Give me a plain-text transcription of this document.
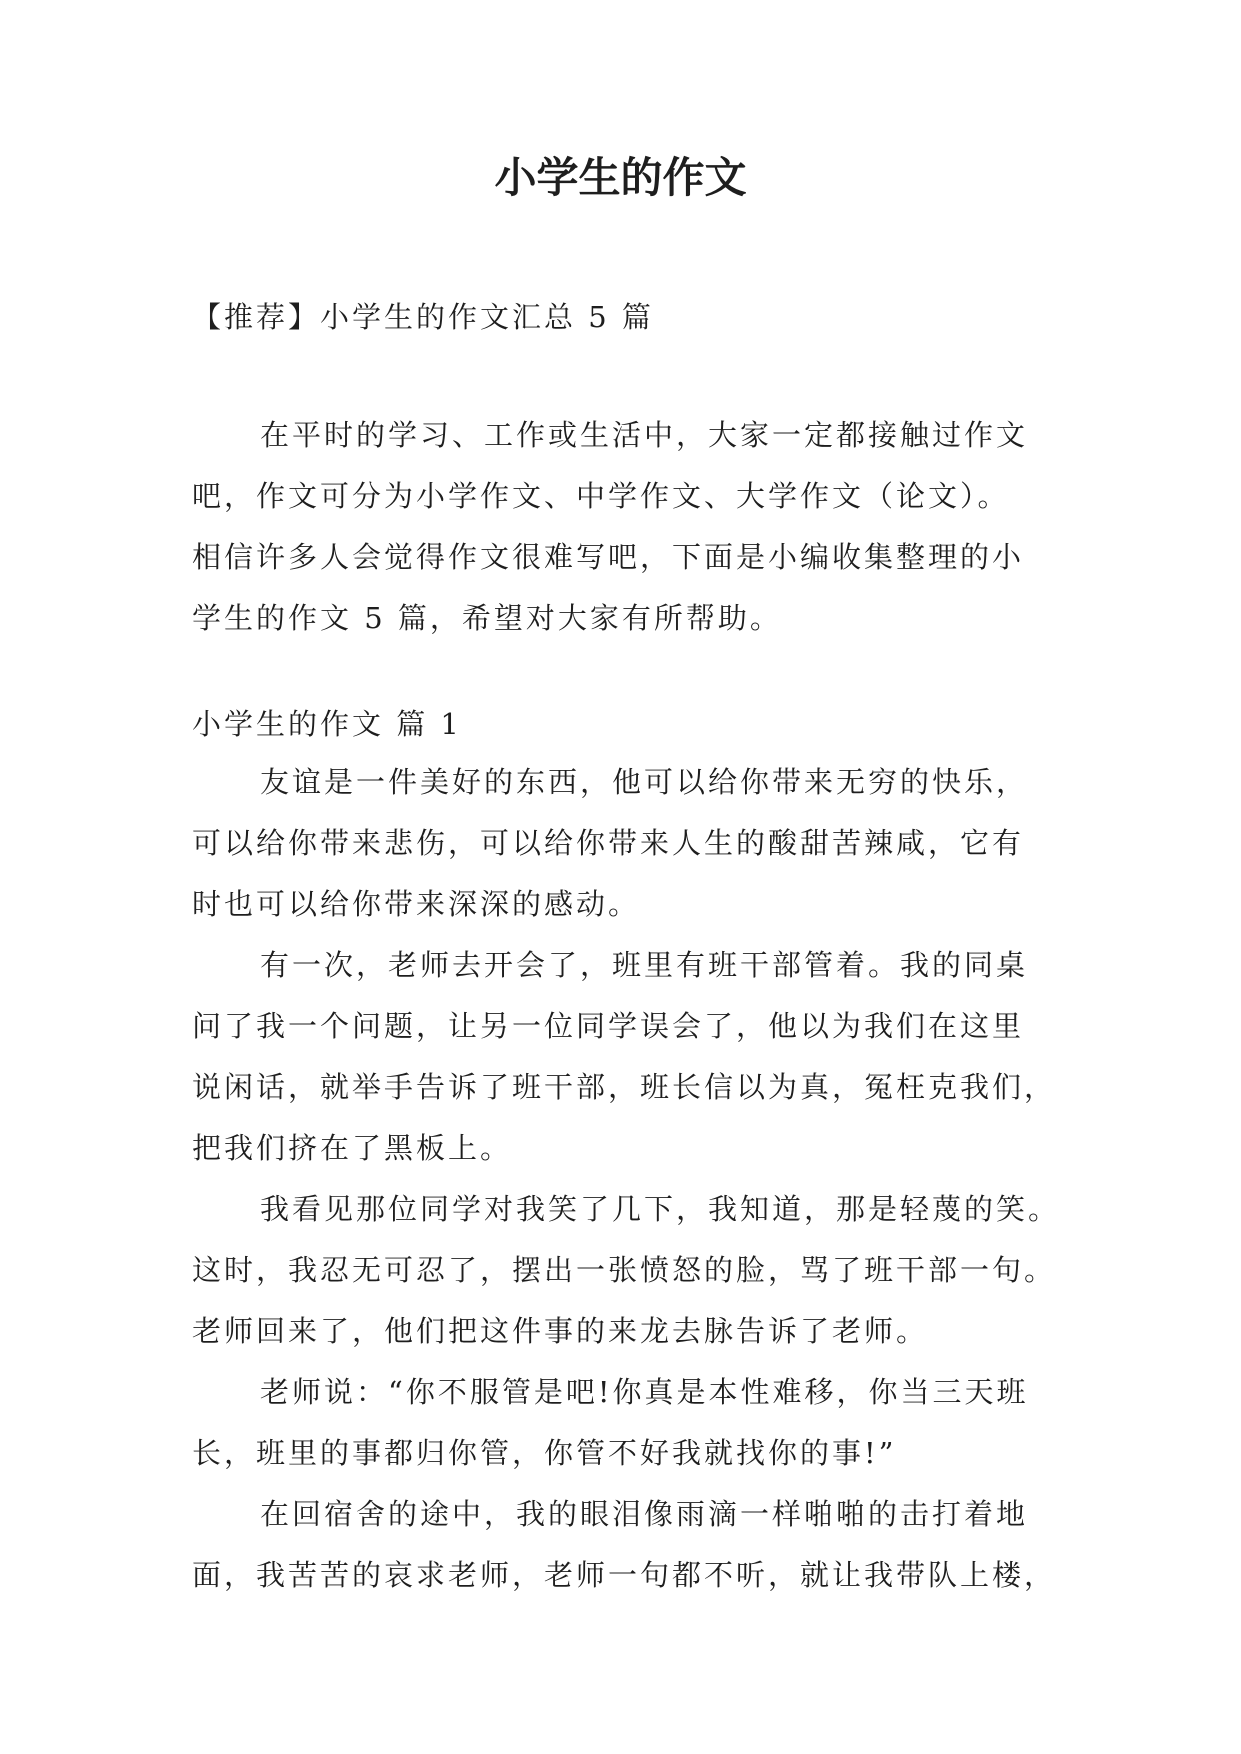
小学生的作文
【推荐】小学生的作文汇总 5 篇

在平时的学习、工作或生活中，大家一定都接触过作文
吧，作文可分为小学作文、中学作文、大学作文（论文）。
相信许多人会觉得作文很难写吧，下面是小编收集整理的小
学生的作文 5 篇，希望对大家有所帮助。

小学生的作文 篇 1

友谊是一件美好的东西，他可以给你带来无穷的快乐，
可以给你带来悲伤，可以给你带来人生的酸甜苦辣咸，它有
时也可以给你带来深深的感动。

有一次，老师去开会了，班里有班干部管着。我的同桌
问了我一个问题，让另一位同学误会了，他以为我们在这里
说闲话，就举手告诉了班干部，班长信以为真，冤枉克我们，
把我们挤在了黑板上。

我看见那位同学对我笑了几下，我知道，那是轻蔑的笑。
这时，我忍无可忍了，摆出一张愤怒的脸，骂了班干部一句。
老师回来了，他们把这件事的来龙去脉告诉了老师。

老师说：“你不服管是吧!你真是本性难移，你当三天班
长，班里的事都归你管，你管不好我就找你的事!”

在回宿舍的途中，我的眼泪像雨滴一样啪啪的击打着地
面，我苦苦的哀求老师，老师一句都不听，就让我带队上楼，
